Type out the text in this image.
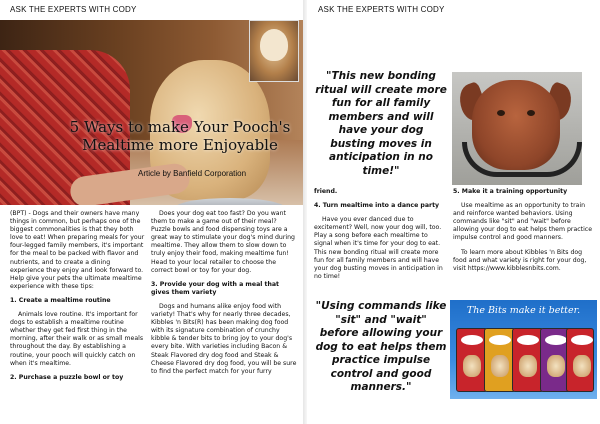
ASK THE EXPERTS WITH CODY
5 Ways to make Your Pooch's Mealtime more Enjoyable
Article by Banfield Corporation

(BPT) - Dogs and their owners have many things in common, but perhaps one of the biggest commonalities is that they both love to eat! When preparing meals for your four-legged family members, it's important for the meal to be packed with flavor and nutrients, and to create a dining experience they enjoy and look forward to. Help give your pets the ultimate mealtime experience with these tips:

1. Create a mealtime routine

Animals love routine. It's important for dogs to establish a mealtime routine whether they get fed first thing in the morning, after their walk or as small meals throughout the day. By establishing a routine, your pooch will quickly catch on when it's mealtime.

2. Purchase a puzzle bowl or toy

Does your dog eat too fast? Do you want them to make a game out of their meal? Puzzle bowls and food dispensing toys are a great way to stimulate your dog's mind during mealtime. They allow them to slow down to truly enjoy their food, making mealtime fun! Head to your local retailer to choose the correct bowl or toy for your dog.

3. Provide your dog with a meal that gives them variety

Dogs and humans alike enjoy food with variety! That's why for nearly three decades, Kibbles 'n Bits(R) has been making dog food with its signature combination of crunchy kibble & tender bits to bring joy to your dog's every bite. With varieties including Bacon & Steak Flavored dry dog food and Steak & Cheese Flavored dry dog food, you will be sure to find the perfect match for your furry

ASK THE EXPERTS WITH CODY
"This new bonding ritual will create more fun for all family members and will have your dog busting moves in anticipation in no time!"

friend.

4. Turn mealtime into a dance party

Have you ever danced due to excitement? Well, now your dog will, too. Play a song before each mealtime to signal when it's time for your dog to eat. This new bonding ritual will create more fun for all family members and will have your dog busting moves in anticipation in no time!

5. Make it a training opportunity

Use mealtime as an opportunity to train and reinforce wanted behaviors. Using commands like "sit" and "wait" before allowing your dog to eat helps them practice impulse control and good manners.

To learn more about Kibbles 'n Bits dog food and what variety is right for your dog, visit https://www.kibblesnbits.com.

"Using commands like "sit" and "wait" before allowing your dog to eat helps them practice impulse control and good manners."
The Bits make it better.
